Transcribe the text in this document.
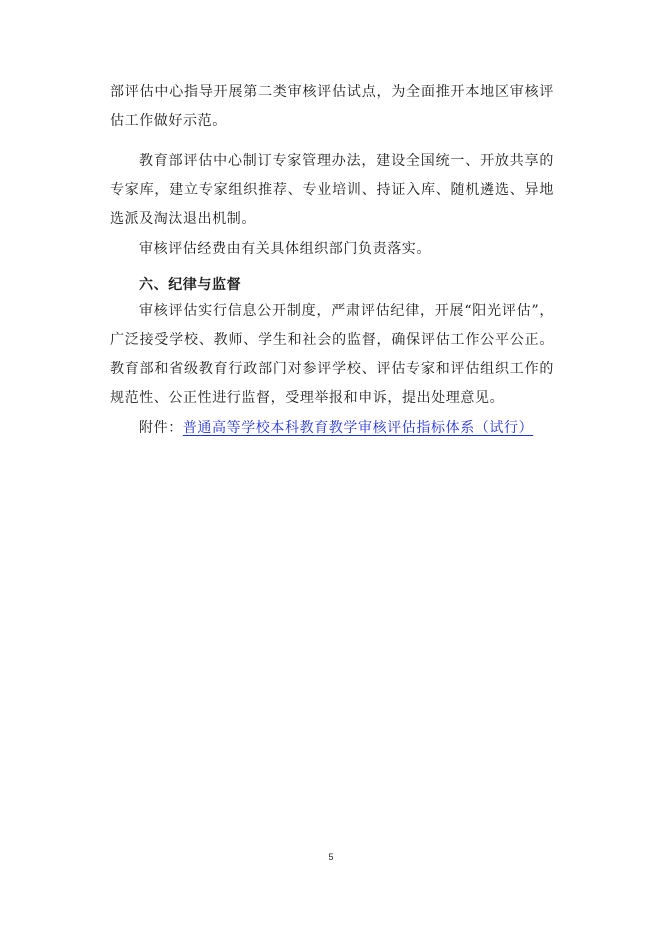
部评估中心指导开展第二类审核评估试点，为全面推开本地区审核评估工作做好示范。

教育部评估中心制订专家管理办法，建设全国统一、开放共享的专家库，建立专家组织推荐、专业培训、持证入库、随机遴选、异地选派及淘汰退出机制。

审核评估经费由有关具体组织部门负责落实。

六、纪律与监督

审核评估实行信息公开制度，严肃评估纪律，开展“阳光评估”，广泛接受学校、教师、学生和社会的监督，确保评估工作公平公正。教育部和省级教育行政部门对参评学校、评估专家和评估组织工作的规范性、公正性进行监督，受理举报和申诉，提出处理意见。

附件：普通高等学校本科教育教学审核评估指标体系（试行）

5
